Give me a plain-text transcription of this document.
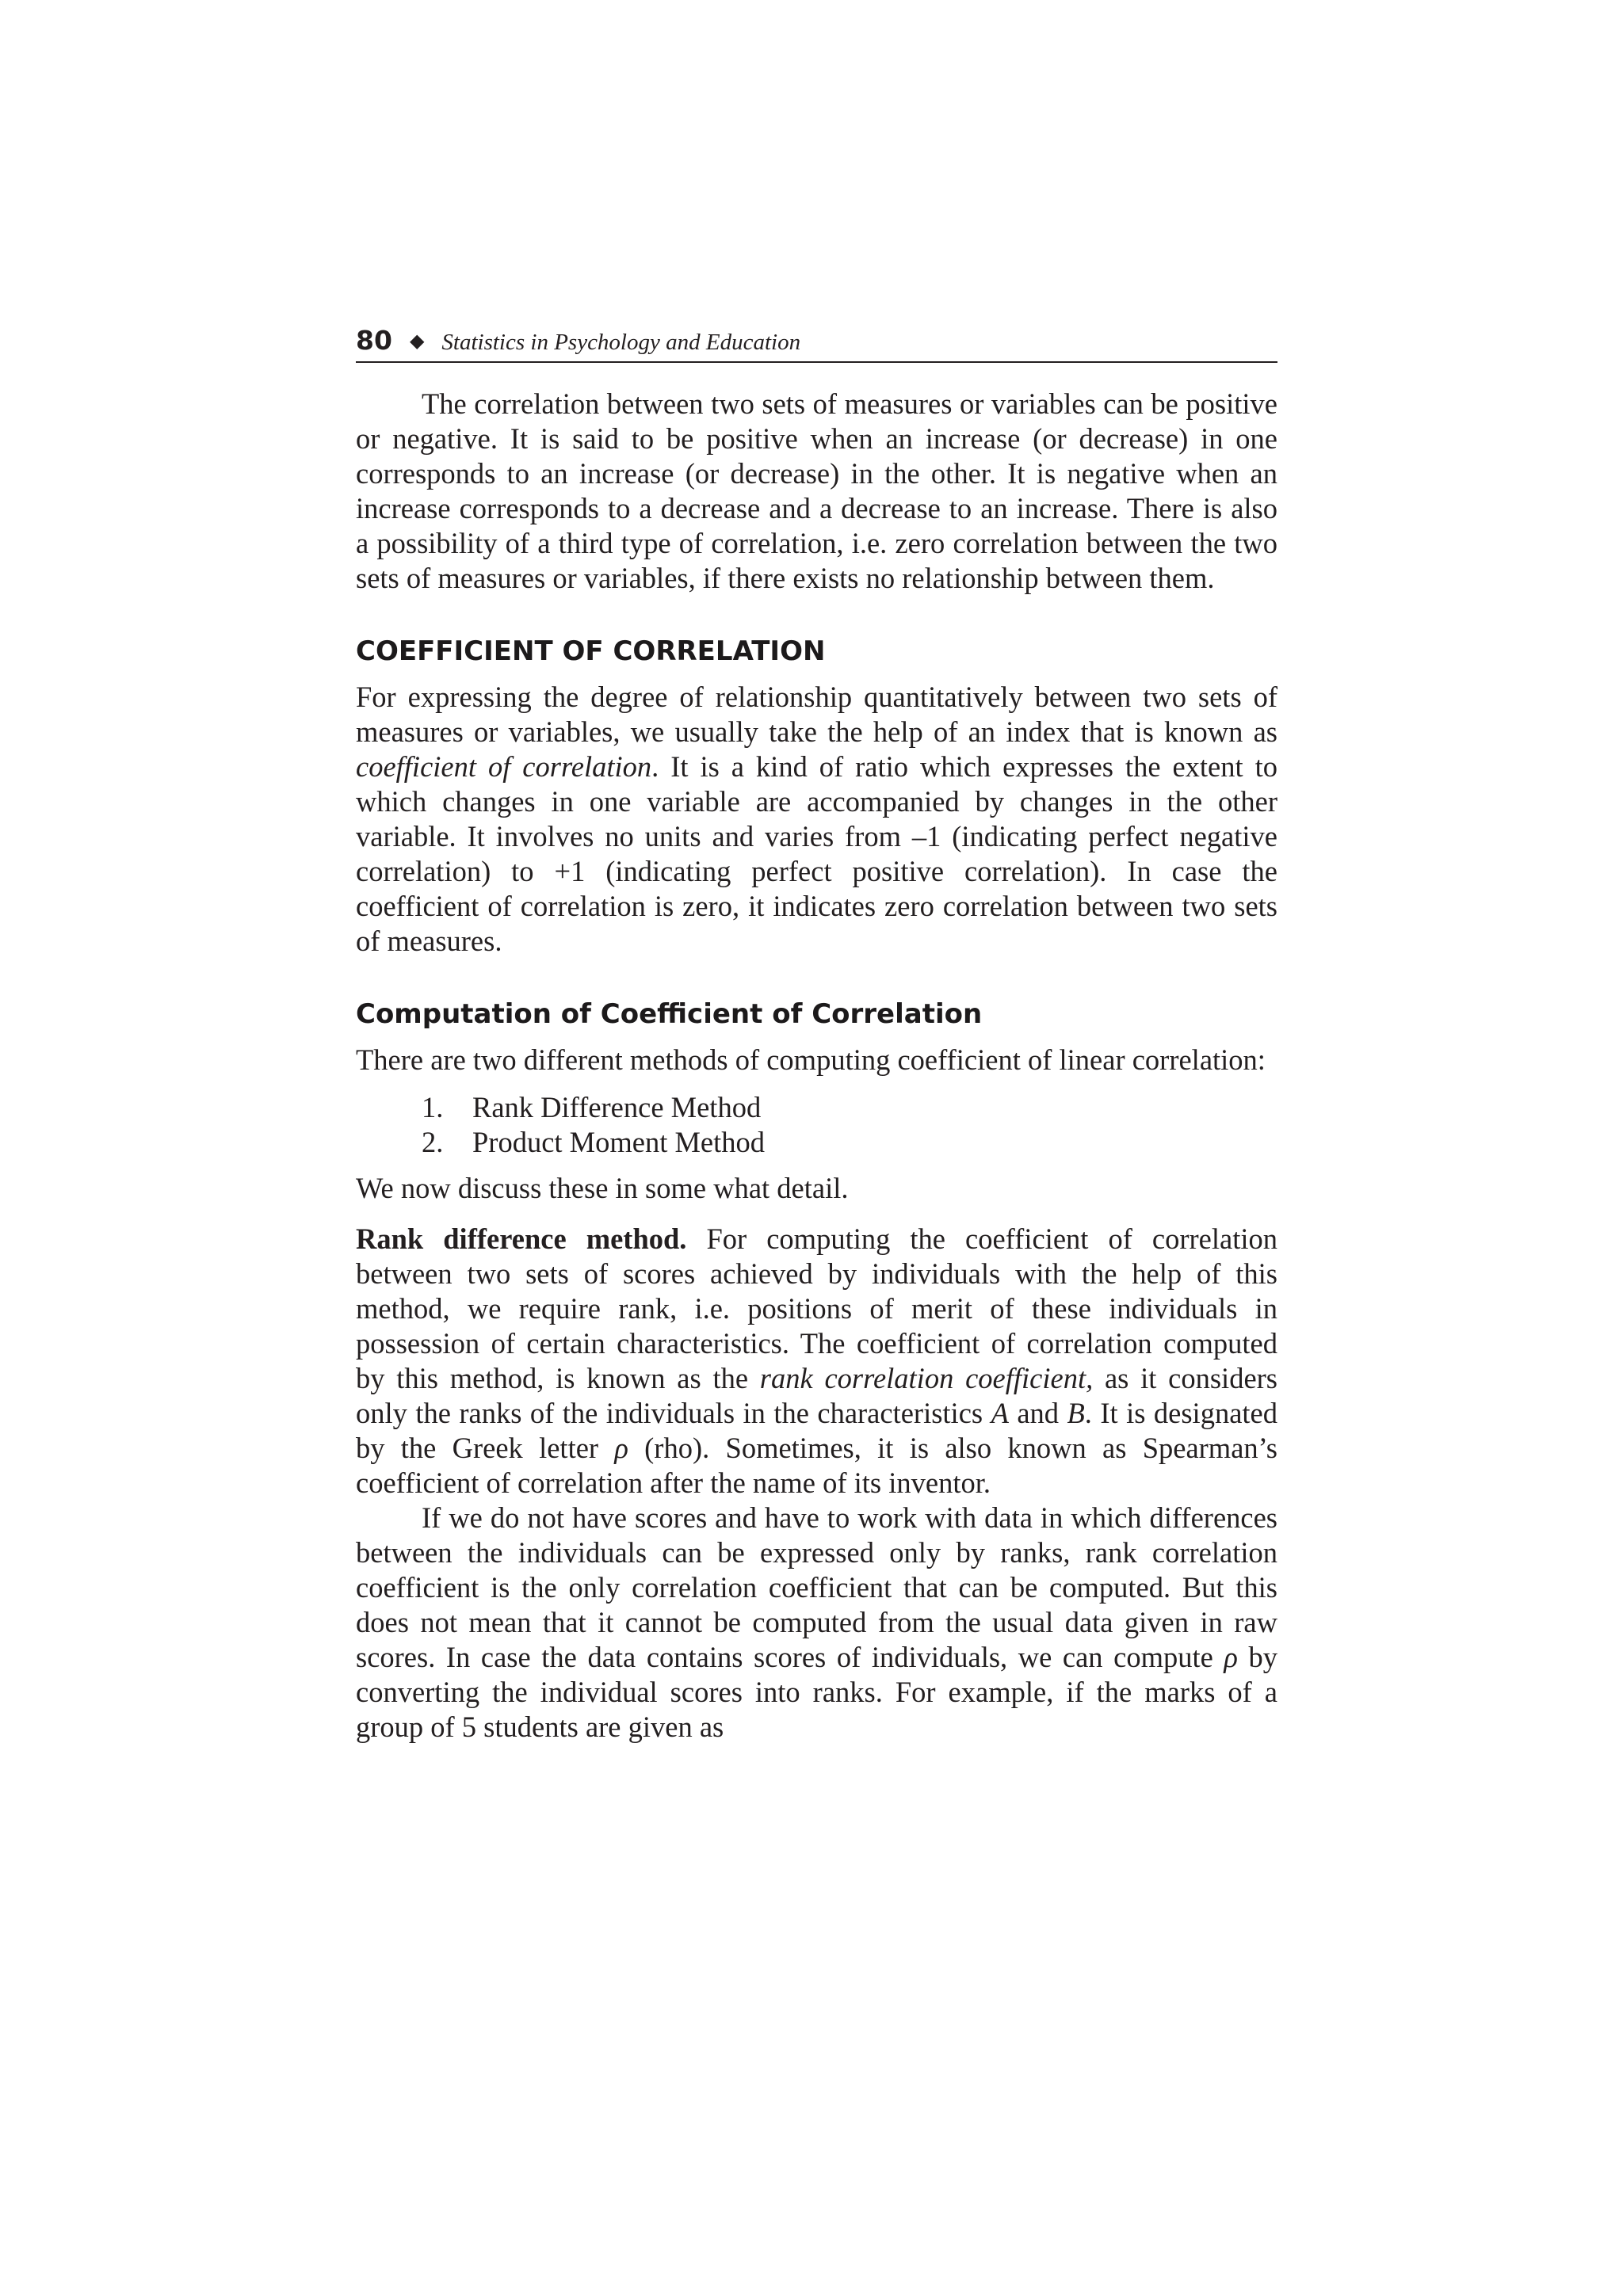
80 ◆ Statistics in Psychology and Education

The correlation between two sets of measures or variables can be positive or negative. It is said to be positive when an increase (or decrease) in one corresponds to an increase (or decrease) in the other. It is negative when an increase corresponds to a decrease and a decrease to an increase. There is also a possibility of a third type of correlation, i.e. zero correlation between the two sets of measures or variables, if there exists no relationship between them.

COEFFICIENT OF CORRELATION

For expressing the degree of relationship quantitatively between two sets of measures or variables, we usually take the help of an index that is known as coefficient of correlation. It is a kind of ratio which expresses the extent to which changes in one variable are accompanied by changes in the other variable. It involves no units and varies from –1 (indicating perfect negative correlation) to +1 (indicating perfect positive correlation). In case the coefficient of correlation is zero, it indicates zero correlation between two sets of measures.

Computation of Coefficient of Correlation

There are two different methods of computing coefficient of linear correlation:

1.	Rank Difference Method
2.	Product Moment Method

We now discuss these in some what detail.

Rank difference method. For computing the coefficient of correlation between two sets of scores achieved by individuals with the help of this method, we require rank, i.e. positions of merit of these individuals in possession of certain characteristics. The coefficient of correlation computed by this method, is known as the rank correlation coefficient, as it considers only the ranks of the individuals in the characteristics A and B. It is designated by the Greek letter ρ (rho). Sometimes, it is also known as Spearman’s coefficient of correlation after the name of its inventor.

If we do not have scores and have to work with data in which differences between the individuals can be expressed only by ranks, rank correlation coefficient is the only correlation coefficient that can be computed. But this does not mean that it cannot be computed from the usual data given in raw scores. In case the data contains scores of individuals, we can compute ρ by converting the individual scores into ranks. For example, if the marks of a group of 5 students are given as
